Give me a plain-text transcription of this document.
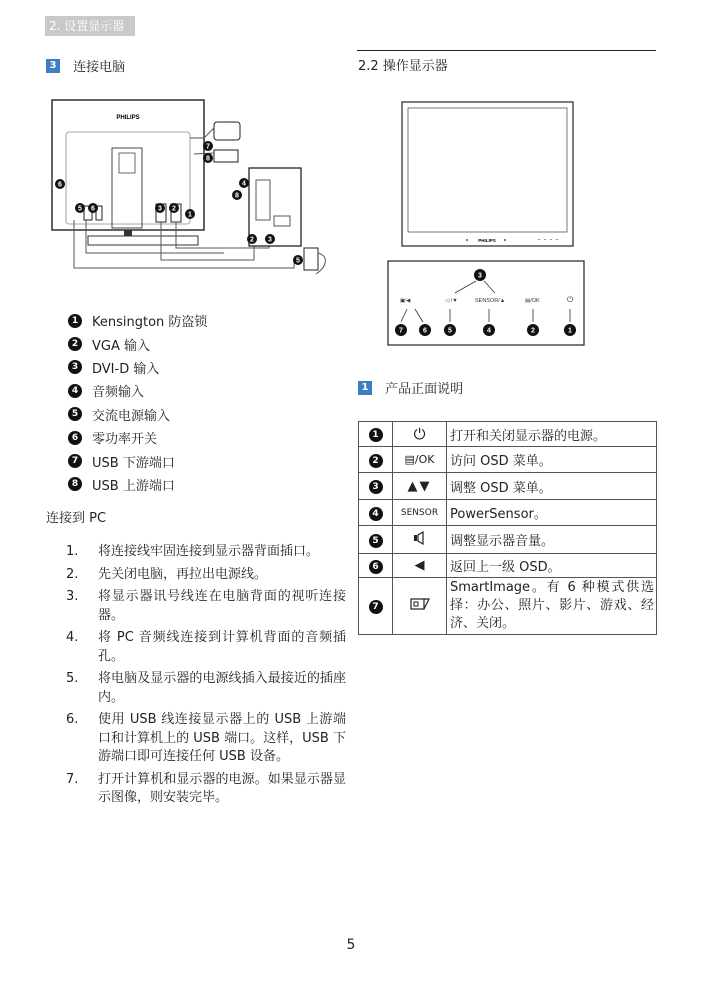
2. 设置显示器
3 连接电脑
PHILIPS
6
5 6	3 2
1
7
8
4
8
2 3
5
1 Kensington 防盗锁
2 VGA 输入
3 DVI-D 输入
4 音频输入
5 交流电源输入
6 零功率开关
7 USB 下游端口
8 USB 上游端口
连接到 PC
1.	将连接线牢固连接到显示器背面插口。
2.	先关闭电脑，再拉出电源线。
3.	将显示器讯号线连在电脑背面的视听连接器。
4.	将 PC 音频线连接到计算机背面的音频插孔。
5.	将电脑及显示器的电源线插入最接近的插座内。
6.	使用 USB 线连接显示器上的 USB 上游端口和计算机上的 USB 端口。这样，USB 下游端口即可连接任何 USB 设备。
7.	打开计算机和显示器的电源。如果显示器显示图像，则安装完毕。
2.2 操作显示器
PHILIPS
3
▣⁄◀	◁ /▼	SENSOR/▲	▤/OK	⏻
7	6	5	4	2	1
1 产品正面说明
1	⏻	打开和关闭显示器的电源。
2	▤/OK	访问 OSD 菜单。
3	▲▼	调整 OSD 菜单。
4	SENSOR	PowerSensor。
5		调整显示器音量。
6	◀	返回上一级 OSD。
7		SmartImage。有 6 种模式供选择：办公、照片、影片、游戏、经济、关闭。
5
